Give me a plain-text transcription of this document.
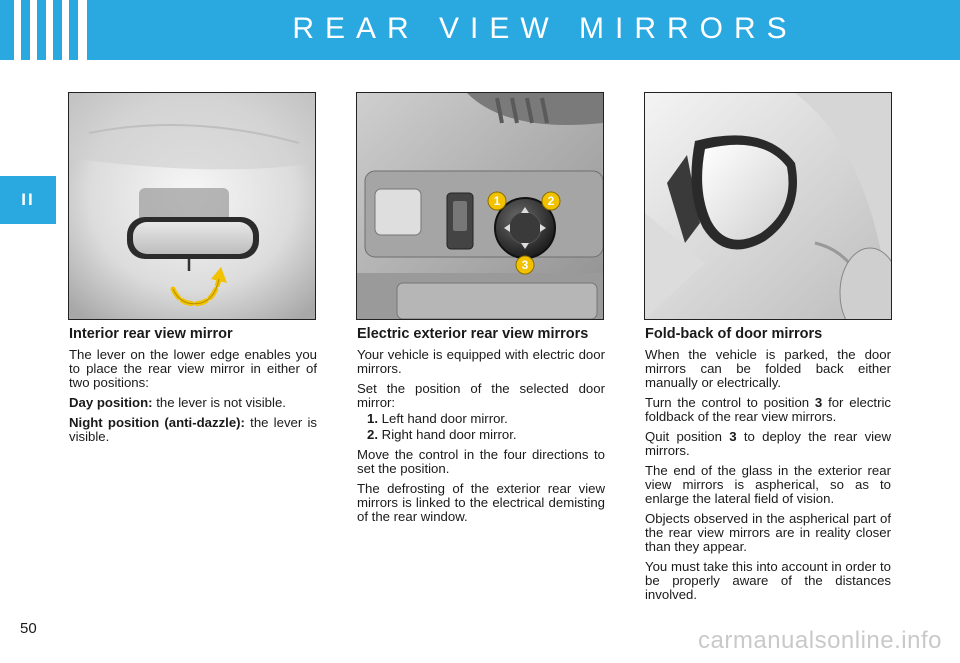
REAR VIEW MIRRORS
II	1	2
3
Interior rear view mirror

The lever on the lower edge enables you to place the rear view mirror in either of two positions:

Day position: the lever is not visible.

Night position (anti-dazzle): the lever is visible.

Electric exterior rear view mirrors

Your vehicle is equipped with electric door mirrors.

Set the position of the selected door mirror:

1. Left hand door mirror.
2. Right hand door mirror.

Move the control in the four directions to set the position.

The defrosting of the exterior rear view mirrors is linked to the electrical demisting of the rear window.

Fold-back of door mirrors

When the vehicle is parked, the door mirrors can be folded back either manually or electrically.

Turn the control to position 3 for electric foldback of the rear view mirrors.

Quit position 3 to deploy the rear view mirrors.

The end of the glass in the exterior rear view mirrors is aspherical, so as to enlarge the lateral field of vision.

Objects observed in the aspherical part of the rear view mirrors are in reality closer than they appear.

You must take this into account in order to be properly aware of the distances involved.

50	carmanualsonline.info
